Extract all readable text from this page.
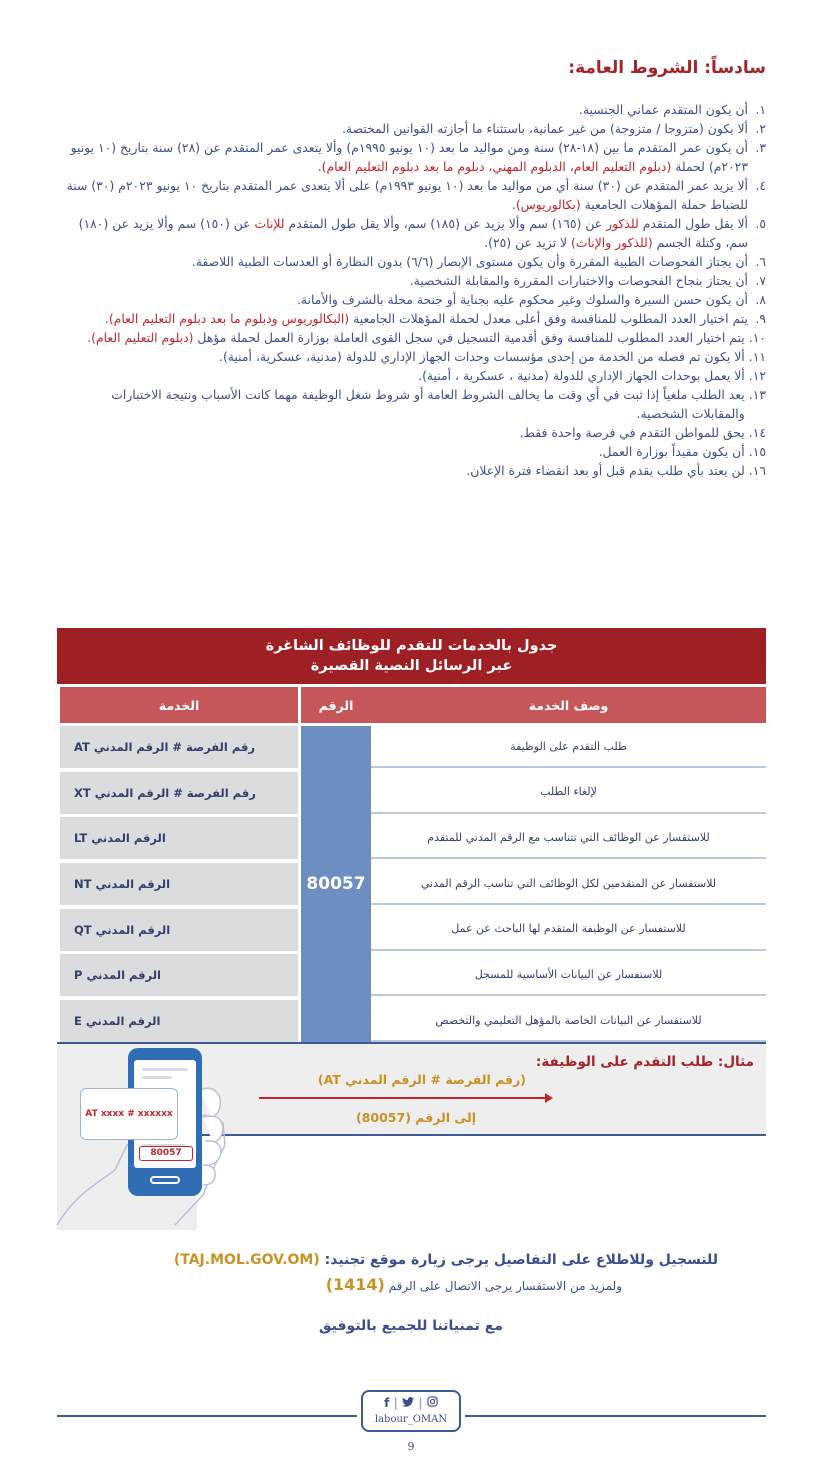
سادساً: الشروط العامة:
١.
أن يكون المتقدم عماني الجنسية.
٢.
ألا يكون (متزوجا / متزوجة) من غير عمانية، باستثناء ما أجازته القوانين المختصة.
٣.
أن يكون عمر المتقدم ما بين (١٨-٢٨) سنة ومن مواليد ما بعد (١٠ يونيو ١٩٩٥م) وألا يتعدى عمر المتقدم عن (٢٨) سنة بتاريخ (١٠ يونيو ٢٠٢٣م) لحملة (دبلوم التعليم العام، الدبلوم المهني، دبلوم ما بعد دبلوم التعليم العام).
٤.
ألا يزيد عمر المتقدم عن (٣٠) سنة أي من مواليد ما بعد (١٠ يونيو ١٩٩٣م) على ألا يتعدى عمر المتقدم بتاريخ ١٠ يونيو ٢٠٢٣م (٣٠) سنة للضباط حملة المؤهلات الجامعية (بكالوريوس).
٥.
ألا يقل طول المتقدم للذكور عن (١٦٥) سم وألا يزيد عن (١٨٥) سم، وألا يقل طول المتقدم للإناث عن (١٥٠) سم وألا يزيد عن (١٨٠) سم، وكتلة الجسم (للذكور والإناث) لا تزيد عن (٢٥).
٦.
أن يجتاز الفحوصات الطبية المقررة وأن يكون مستوى الإبصار (٦/٦) بدون النظارة أو العدسات الطبية اللاصقة.
٧.
أن يجتاز بنجاح الفحوصات والاختبارات المقررة والمقابلة الشخصية.
٨.
أن يكون حسن السيرة والسلوك وغير محكوم عليه بجناية أو جنحة مخلة بالشرف والأمانة.
٩.
يتم اختيار العدد المطلوب للمنافسة وفق أعلى معدل لحملة المؤهلات الجامعية (البكالوريوس ودبلوم ما بعد دبلوم التعليم العام).
١٠.
يتم اختيار العدد المطلوب للمنافسة وفق أقدمية التسجيل في سجل القوى العاملة بوزارة العمل لحملة مؤهل (دبلوم التعليم العام).
١١.
ألا يكون تم فصله من الخدمة من إحدى مؤسسات وحدات الجهاز الإداري للدولة (مدنية، عسكرية، أمنية).
١٢.
ألا يعمل بوحدات الجهاز الإداري للدولة (مدنية ، عسكرية ، أمنية).
١٣.
يعد الطلب ملغياً إذا ثبت في أي وقت ما يخالف الشروط العامة أو شروط شغل الوظيفة مهما كانت الأسباب ونتيجة الاختبارات والمقابلات الشخصية.
١٤.
يحق للمواطن التقدم في فرصة واحدة فقط.
١٥.
أن يكون مقيداً بوزارة العمل.
١٦.
لن يعتد بأي طلب يقدم قبل أو بعد انقضاء فترة الإعلان.
جدول بالخدمات للتقدم للوظائف الشاغرة
عبر الرسائل النصية القصيرة
الخدمة	الرقم	وصف الخدمة
رقم الفرصة # الرقم المدني AT
رقم الفرصة # الرقم المدني XT
الرقم المدني LT
الرقم المدني NT
الرقم المدني QT
الرقم المدني P
الرقم المدني E
80057
طلب التقدم على الوظيفة
لإلغاء الطلب
للاستفسار عن الوظائف التي تتناسب مع الرقم المدني للمتقدم
للاستفسار عن المتقدمين لكل الوظائف التي تناسب الرقم المدني
للاستفسار عن الوظيفة المتقدم لها الباحث عن عمل
للاستفسار عن البيانات الأساسية للمسجل
للاستفسار عن البيانات الخاصة بالمؤهل التعليمي والتخصص
مثال: طلب التقدم على الوظيفة:
(رقم الفرصة # الرقم المدني AT)
إلى الرقم (80057)
80057
AT xxxx # xxxxxx
للتسجيل وللاطلاع على التفاصيل يرجى زيارة موقع تجنيد: (TAJ.MOL.GOV.OM)
ولمزيد من الاستفسار يرجى الاتصال على الرقم (1414)
مع تمنياتنا للجميع بالتوفيق
f | |
labour_OMAN
9
